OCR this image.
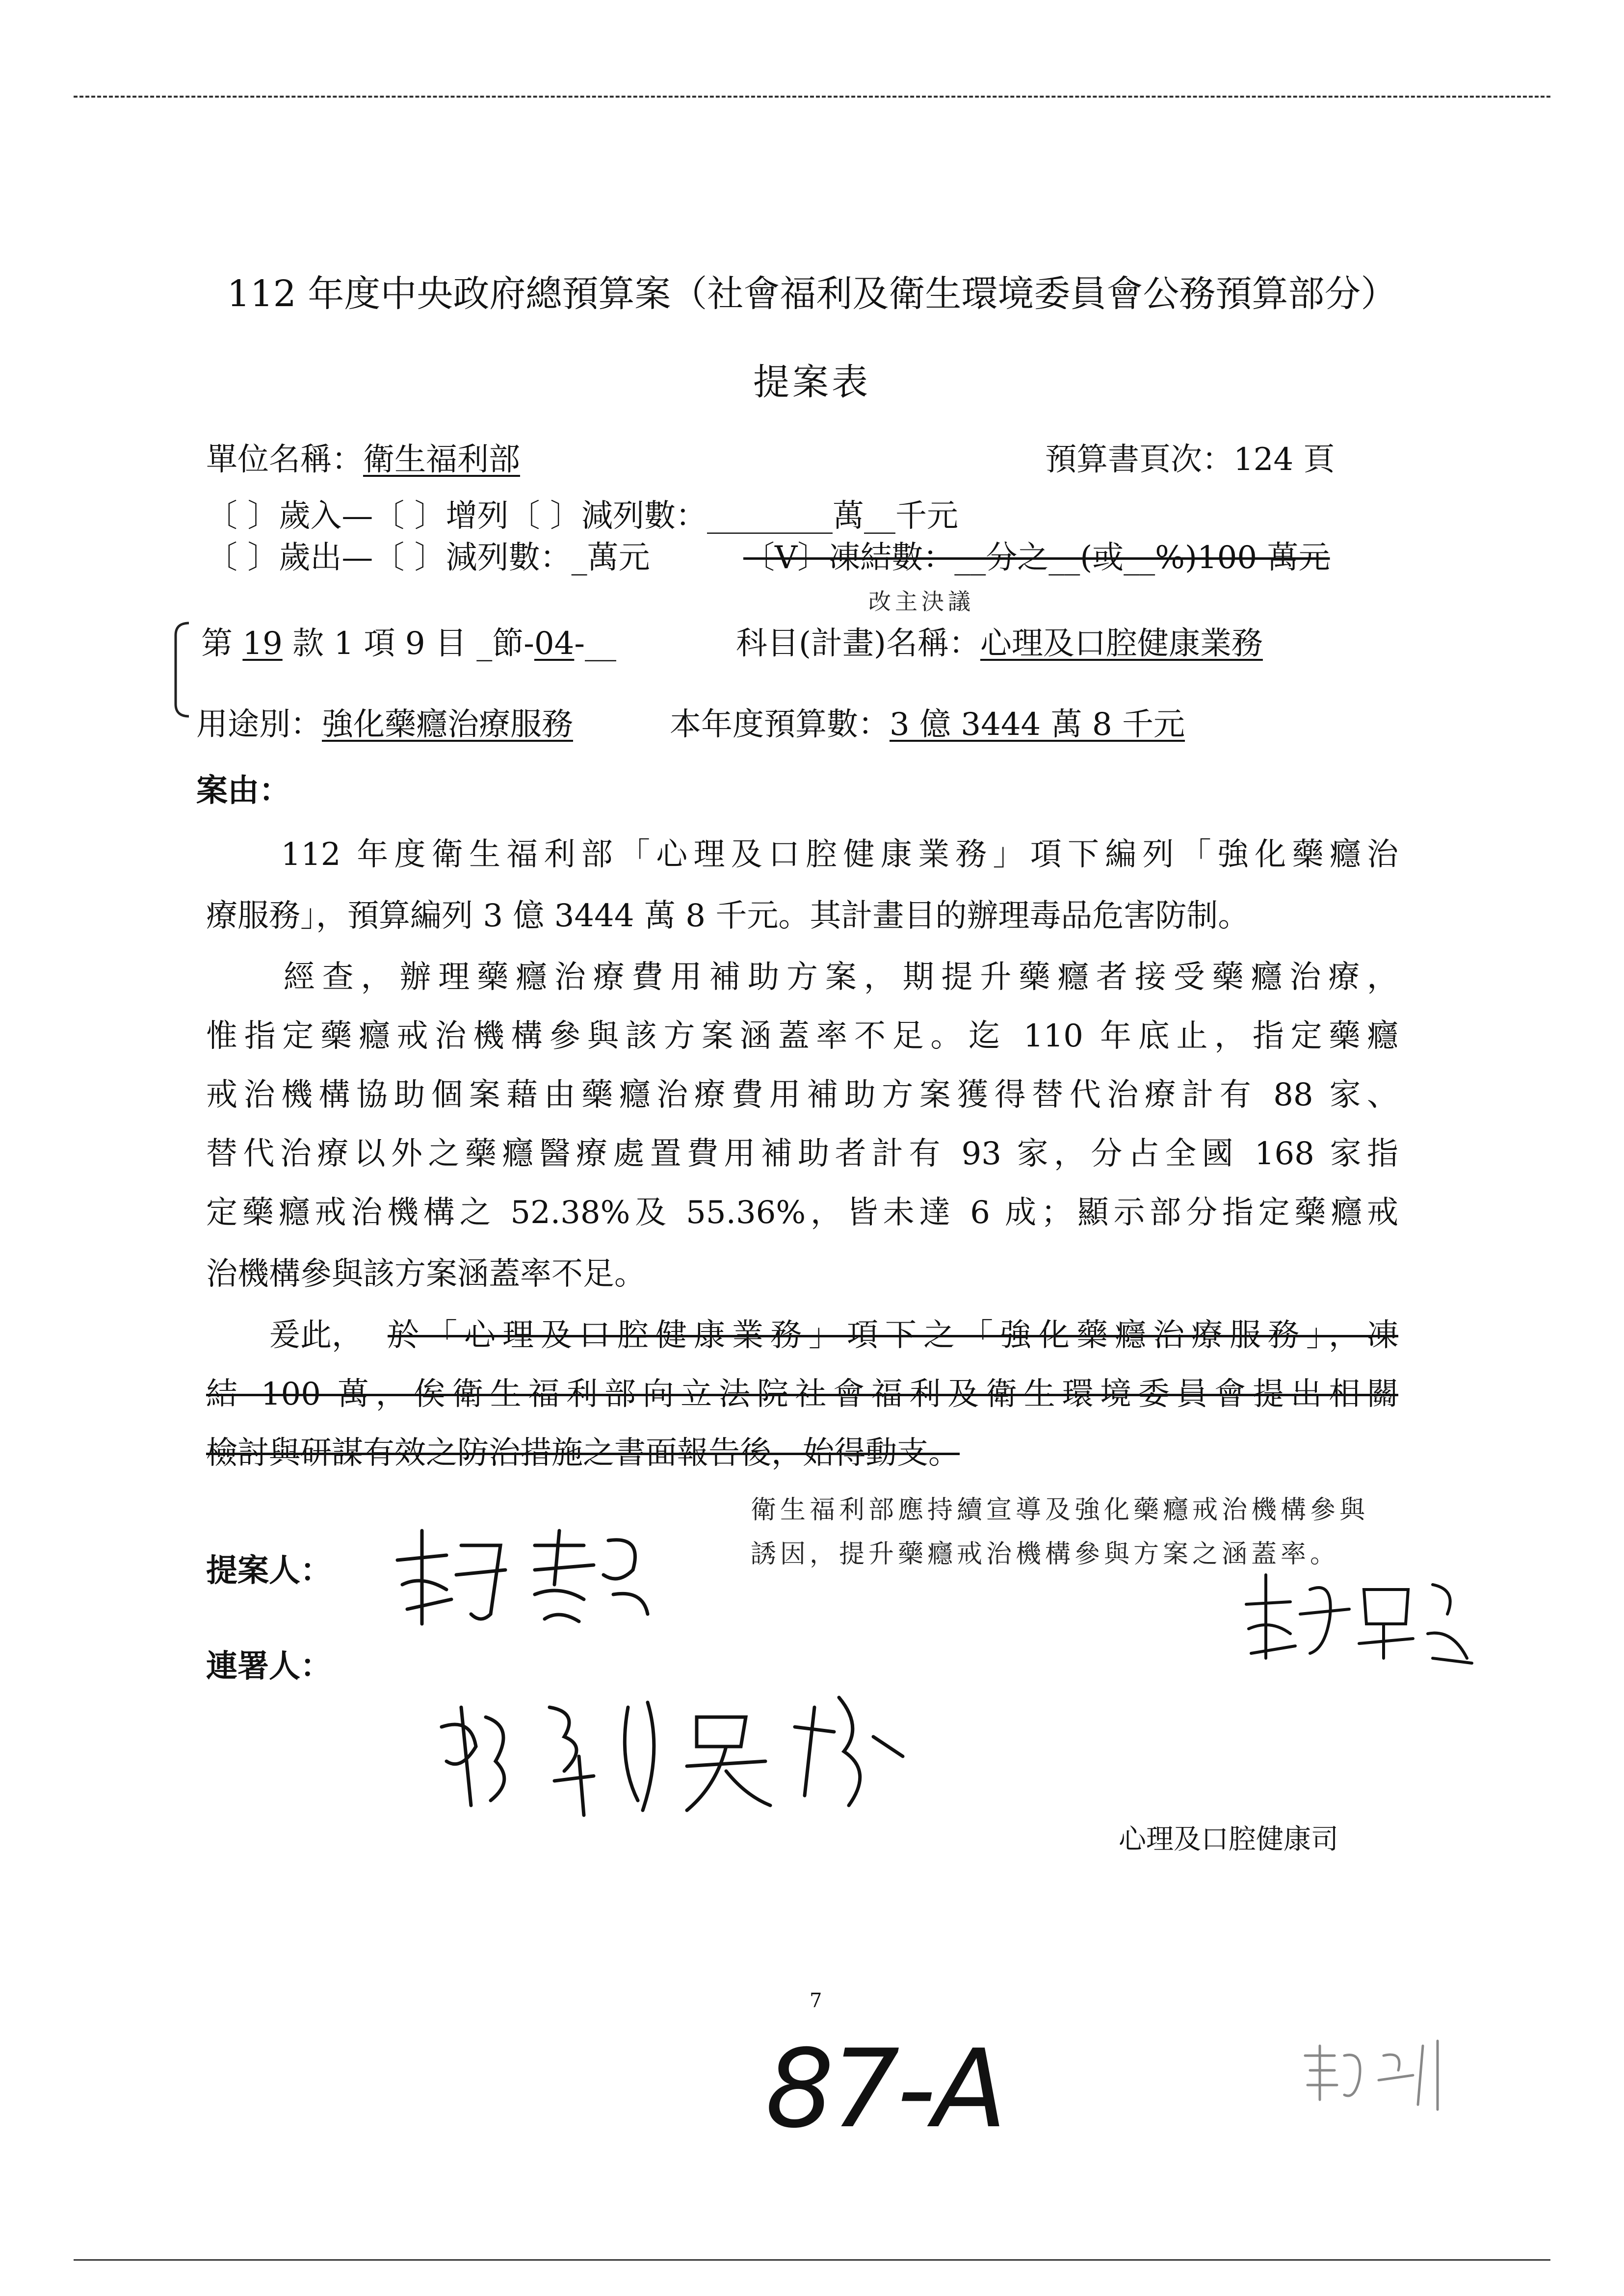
112 年度中央政府總預算案（社會福利及衛生環境委員會公務預算部分）
提案表
單位名稱：衛生福利部	預算書頁次：124 頁
〔 〕歲入—〔 〕增列〔 〕減列數：________萬__千元
〔 〕歲出—〔 〕減列數：_萬元	〔V〕凍結數：__分之__(或__%)100 萬元
改主決議
第 19 款 1 項 9 目 _節-04-__	科目(計畫)名稱：心理及口腔健康業務
用途別：強化藥癮治療服務	本年度預算數：3 億 3444 萬 8 千元
案由：
　　112 年度衛生福利部「心理及口腔健康業務」項下編列「強化藥癮治
療服務」，預算編列 3 億 3444 萬 8 千元。其計畫目的辦理毒品危害防制。
　　經查，辦理藥癮治療費用補助方案，期提升藥癮者接受藥癮治療，
惟指定藥癮戒治機構參與該方案涵蓋率不足。迄 110 年底止，指定藥癮
戒治機構協助個案藉由藥癮治療費用補助方案獲得替代治療計有 88 家、
替代治療以外之藥癮醫療處置費用補助者計有 93 家，分占全國 168 家指
定藥癮戒治機構之 52.38%及 55.36%，皆未達 6 成；顯示部分指定藥癮戒
治機構參與該方案涵蓋率不足。
　　爰此， 於「心理及口腔健康業務」項下之「強化藥癮治療服務」，凍
結 100 萬，俟衛生福利部向立法院社會福利及衛生環境委員會提出相關
檢討與研謀有效之防治措施之書面報告後，始得動支。
衛生福利部應持續宣導及強化藥癮戒治機構參與
誘因，提升藥癮戒治機構參與方案之涵蓋率。
提案人：
連署人：
心理及口腔健康司
7
87-A
